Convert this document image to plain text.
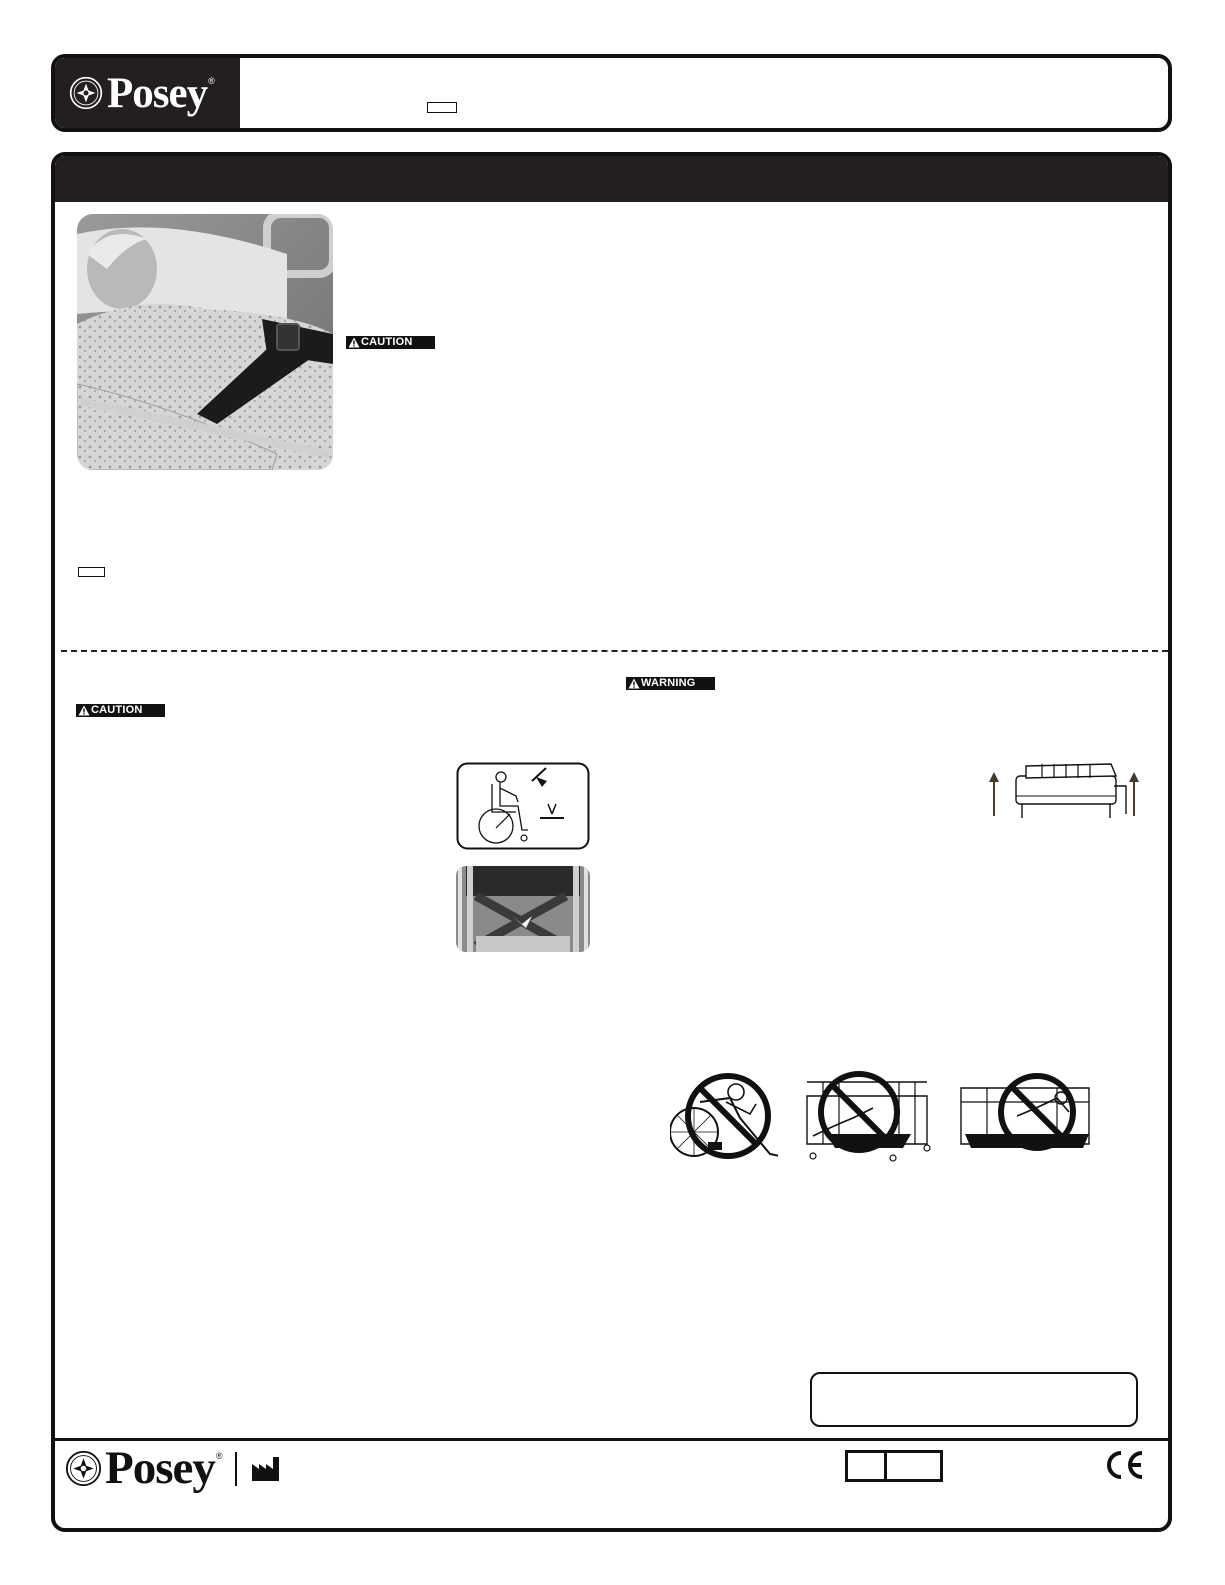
Posey ®
CAUTION
CAUTION
WARNING
Posey ®
